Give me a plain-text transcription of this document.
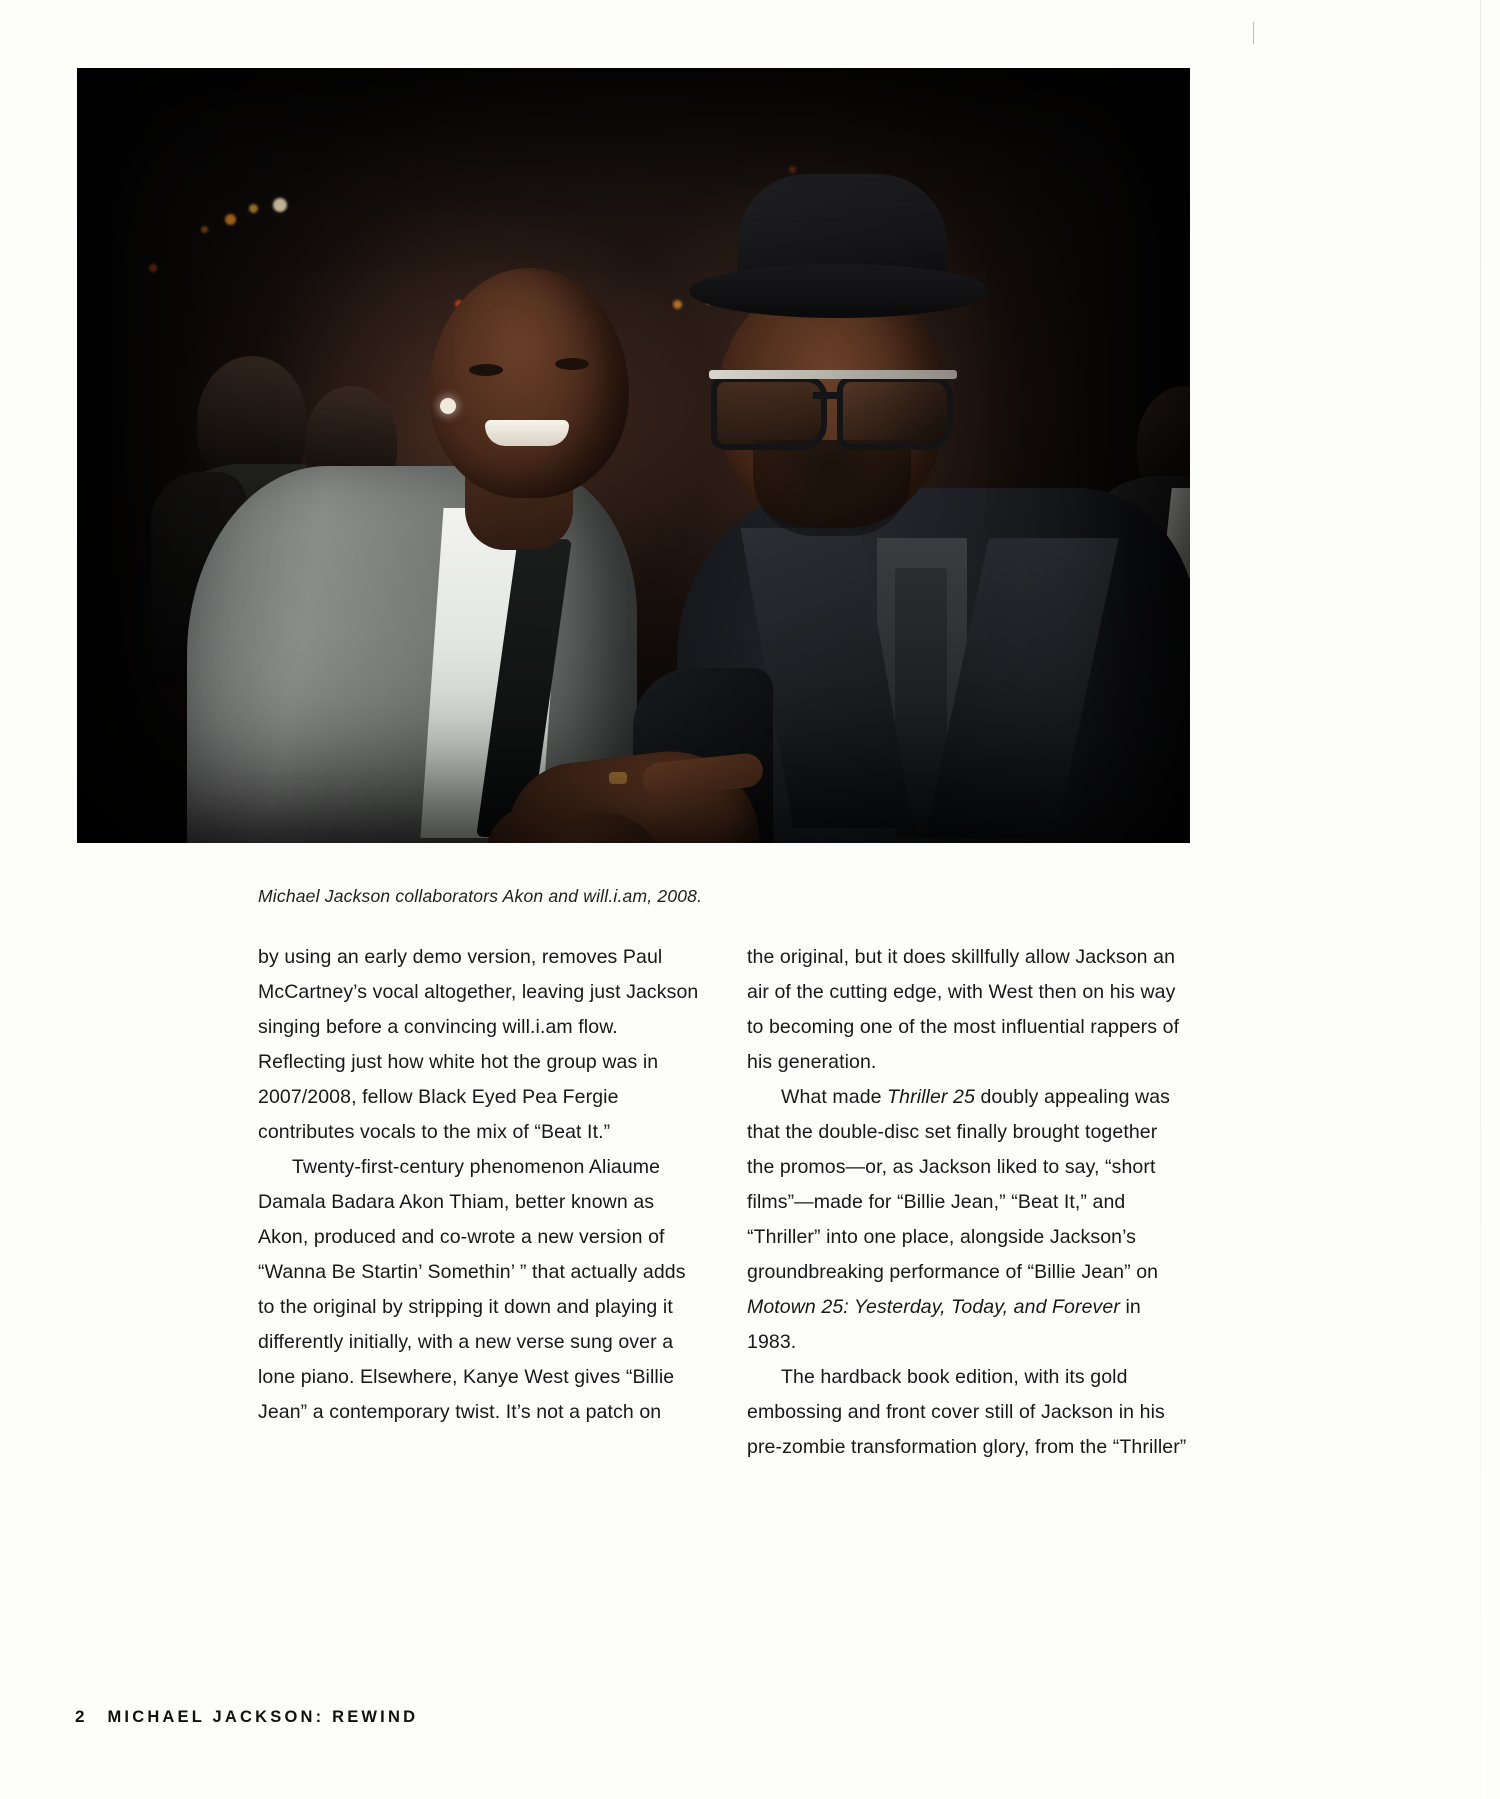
Michael Jackson collaborators Akon and will.i.am, 2008.

by using an early demo version, removes Paul McCartney’s vocal altogether, leaving just Jackson singing before a convincing will.i.am flow. Reflecting just how white hot the group was in 2007/2008, fellow Black Eyed Pea Fergie contributes vocals to the mix of “Beat It.”

Twenty-first-century phenomenon Aliaume Damala Badara Akon Thiam, better known as Akon, produced and co-wrote a new version of “Wanna Be Startin’ Somethin’ ” that actually adds to the original by stripping it down and playing it differently initially, with a new verse sung over a lone piano. Elsewhere, Kanye West gives “Billie Jean” a contemporary twist. It’s not a patch on

the original, but it does skillfully allow Jackson an air of the cutting edge, with West then on his way to becoming one of the most influential rappers of his generation.

What made Thriller 25 doubly appealing was that the double-disc set finally brought together the promos—or, as Jackson liked to say, “short films”—made for “Billie Jean,” “Beat It,” and “Thriller” into one place, alongside Jackson’s groundbreaking performance of “Billie Jean” on Motown 25: Yesterday, Today, and Forever in 1983.

The hardback book edition, with its gold embossing and front cover still of Jackson in his pre-zombie transformation glory, from the “Thriller”

2 MICHAEL JACKSON: REWIND
